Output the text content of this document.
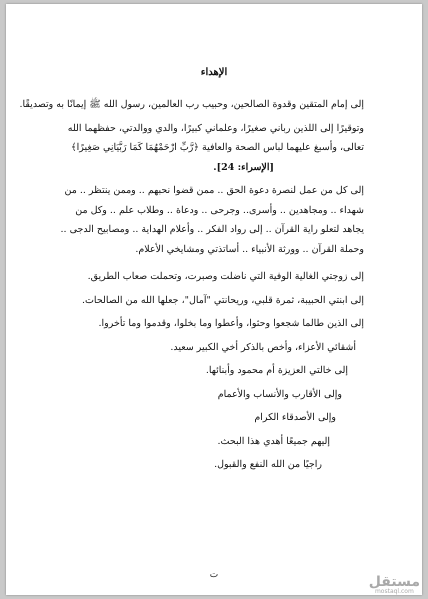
الإهداء
إلى إمام المتقين وقدوة الصالحين، وحبيب رب العالمين، رسول الله ﷺ إيمانًا به وتصديقًا.
وتوقيرًا إلى اللذين رباني صغيرًا، وعلماني كبيرًا، والدي ووالدتي، حفظهما الله
تعالى، وأسبغ عليهما لباس الصحة والعافية ﴿رَّبِّ ارْحَمْهُمَا كَمَا رَبَّيَانِي صَغِيرًا﴾
[الإسراء: 24].
إلى كل من عمل لنصرة دعوة الحق .. ممن قضوا نحبهم .. وممن ينتظر .. من
شهداء .. ومجاهدين .. وأسرى.. وجرحى .. ودعاة .. وطلاب علم .. وكل من
يجاهد لتعلو راية القرآن .. إلى رواد الفكر .. وأعلام الهداية .. ومصابيح الدجى ..
وحملة القرآن .. وورثة الأنبياء .. أساتذتي ومشايخي الأعلام.
إلى زوجتي الغالية الوفية التي ناضلت وصبرت، وتحملت صعاب الطريق.
إلى ابنتي الحبيبة، ثمرة قلبي، وريحانتي "آمال"، جعلها الله من الصالحات.
إلى الذين طالما شجعوا وحثوا، وأعطوا وما بخلوا، وقدموا وما تأخروا.
أشقائي الأعزاء، وأخص بالذكر أخي الكبير سعيد.
إلى خالتي العزيزة أم محمود وأبنائها.
وإلى الأقارب والأنساب والأعمام
وإلى الأصدقاء الكرام
إليهم جميعًا أهدي هذا البحث.
راجيًا من الله النفع والقبول.
ت	مستقل
mostaql.com
